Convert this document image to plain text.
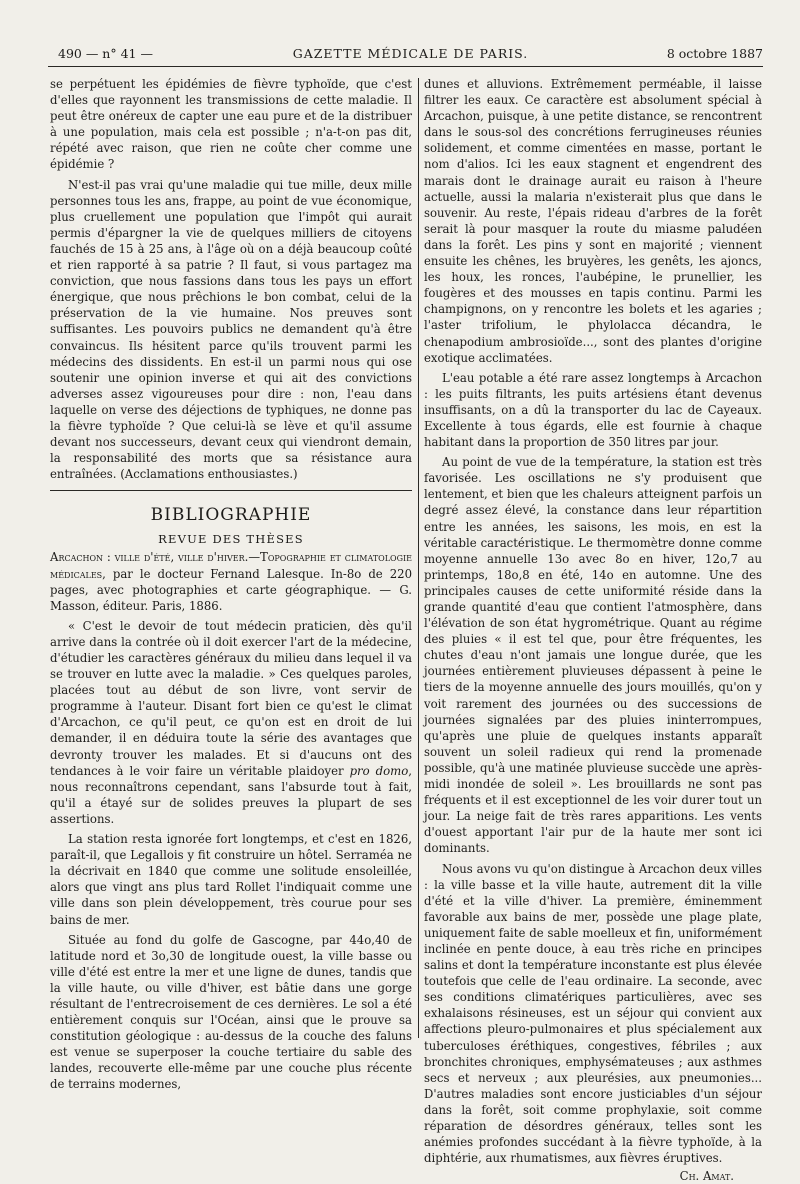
490 — n° 41 —	GAZETTE MÉDICALE DE PARIS.	8 octobre 1887

se perpétuent les épidémies de fièvre typhoïde, que c'est d'elles que rayonnent les transmissions de cette maladie. Il peut être onéreux de capter une eau pure et de la distribuer à une population, mais cela est possible ; n'a-t-on pas dit, répété avec raison, que rien ne coûte cher comme une épidémie ?

N'est-il pas vrai qu'une maladie qui tue mille, deux mille personnes tous les ans, frappe, au point de vue économique, plus cruellement une population que l'impôt qui aurait permis d'épargner la vie de quelques milliers de citoyens fauchés de 15 à 25 ans, à l'âge où on a déjà beaucoup coûté et rien rapporté à sa patrie ? Il faut, si vous partagez ma conviction, que nous fassions dans tous les pays un effort énergique, que nous prêchions le bon combat, celui de la préservation de la vie humaine. Nos preuves sont suffisantes. Les pouvoirs publics ne demandent qu'à être convaincus. Ils hésitent parce qu'ils trouvent parmi les médecins des dissidents. En est-il un parmi nous qui ose soutenir une opinion inverse et qui ait des convictions adverses assez vigoureuses pour dire : non, l'eau dans laquelle on verse des déjections de typhiques, ne donne pas la fièvre typhoïde ? Que celui-là se lève et qu'il assume devant nos successeurs, devant ceux qui viendront demain, la responsabilité des morts que sa résistance aura entraînées. (Acclamations enthousiastes.)

BIBLIOGRAPHIE
REVUE DES THÈSES

Arcachon : ville d'été, ville d'hiver.—Topographie et climatologie médicales, par le docteur Fernand Lalesque. In-8o de 220 pages, avec photographies et carte géographique. — G. Masson, éditeur. Paris, 1886.

« C'est le devoir de tout médecin praticien, dès qu'il arrive dans la contrée où il doit exercer l'art de la médecine, d'étudier les caractères généraux du milieu dans lequel il va se trouver en lutte avec la maladie. » Ces quelques paroles, placées tout au début de son livre, vont servir de programme à l'auteur. Disant fort bien ce qu'est le climat d'Arcachon, ce qu'il peut, ce qu'on est en droit de lui demander, il en déduira toute la série des avantages que devronty trouver les malades. Et si d'aucuns ont des tendances à le voir faire un véritable plaidoyer pro domo, nous reconnaîtrons cependant, sans l'absurde tout à fait, qu'il a étayé sur de solides preuves la plupart de ses assertions.

La station resta ignorée fort longtemps, et c'est en 1826, paraît-il, que Legallois y fit construire un hôtel. Serraméa ne la décrivait en 1840 que comme une solitude ensoleillée, alors que vingt ans plus tard Rollet l'indiquait comme une ville dans son plein développement, très courue pour ses bains de mer.

Située au fond du golfe de Gascogne, par 44o,40 de latitude nord et 3o,30 de longitude ouest, la ville basse ou ville d'été est entre la mer et une ligne de dunes, tandis que la ville haute, ou ville d'hiver, est bâtie dans une gorge résultant de l'entrecroisement de ces dernières. Le sol a été entièrement conquis sur l'Océan, ainsi que le prouve sa constitution géologique : au-dessus de la couche des faluns est venue se superposer la couche tertiaire du sable des landes, recouverte elle-même par une couche plus récente de terrains modernes,

dunes et alluvions. Extrêmement perméable, il laisse filtrer les eaux. Ce caractère est absolument spécial à Arcachon, puisque, à une petite distance, se rencontrent dans le sous-sol des concrétions ferrugineuses réunies solidement, et comme cimentées en masse, portant le nom d'alios. Ici les eaux stagnent et engendrent des marais dont le drainage aurait eu raison à l'heure actuelle, aussi la malaria n'existerait plus que dans le souvenir. Au reste, l'épais rideau d'arbres de la forêt serait là pour masquer la route du miasme paludéen dans la forêt. Les pins y sont en majorité ; viennent ensuite les chênes, les bruyères, les genêts, les ajoncs, les houx, les ronces, l'aubépine, le prunellier, les fougères et des mousses en tapis continu. Parmi les champignons, on y rencontre les bolets et les agaries ; l'aster trifolium, le phylolacca décandra, le chenapodium ambrosioïde..., sont des plantes d'origine exotique acclimatées.

L'eau potable a été rare assez longtemps à Arcachon : les puits filtrants, les puits artésiens étant devenus insuffisants, on a dû la transporter du lac de Cayeaux. Excellente à tous égards, elle est fournie à chaque habitant dans la proportion de 350 litres par jour.

Au point de vue de la température, la station est très favorisée. Les oscillations ne s'y produisent que lentement, et bien que les chaleurs atteignent parfois un degré assez élevé, la constance dans leur répartition entre les années, les saisons, les mois, en est la véritable caractéristique. Le thermomètre donne comme moyenne annuelle 13o avec 8o en hiver, 12o,7 au printemps, 18o,8 en été, 14o en automne. Une des principales causes de cette uniformité réside dans la grande quantité d'eau que contient l'atmosphère, dans l'élévation de son état hygrométrique. Quant au régime des pluies « il est tel que, pour être fréquentes, les chutes d'eau n'ont jamais une longue durée, que les journées entièrement pluvieuses dépassent à peine le tiers de la moyenne annuelle des jours mouillés, qu'on y voit rarement des journées ou des successions de journées signalées par des pluies ininterrompues, qu'après une pluie de quelques instants apparaît souvent un soleil radieux qui rend la promenade possible, qu'à une matinée pluvieuse succède une après-midi inondée de soleil ». Les brouillards ne sont pas fréquents et il est exceptionnel de les voir durer tout un jour. La neige fait de très rares apparitions. Les vents d'ouest apportant l'air pur de la haute mer sont ici dominants.

Nous avons vu qu'on distingue à Arcachon deux villes : la ville basse et la ville haute, autrement dit la ville d'été et la ville d'hiver. La première, éminemment favorable aux bains de mer, possède une plage plate, uniquement faite de sable moelleux et fin, uniformément inclinée en pente douce, à eau très riche en principes salins et dont la température inconstante est plus élevée toutefois que celle de l'eau ordinaire. La seconde, avec ses conditions climatériques particulières, avec ses exhalaisons résineuses, est un séjour qui convient aux affections pleuro-pulmonaires et plus spécialement aux tuberculoses éréthiques, congestives, fébriles ; aux bronchites chroniques, emphysémateuses ; aux asthmes secs et nerveux ; aux pleurésies, aux pneumonies... D'autres maladies sont encore justiciables d'un séjour dans la forêt, soit comme prophylaxie, soit comme réparation de désordres généraux, telles sont les anémies profondes succédant à la fièvre typhoïde, à la diphtérie, aux rhumatismes, aux fièvres éruptives.

Ch. Amat.
